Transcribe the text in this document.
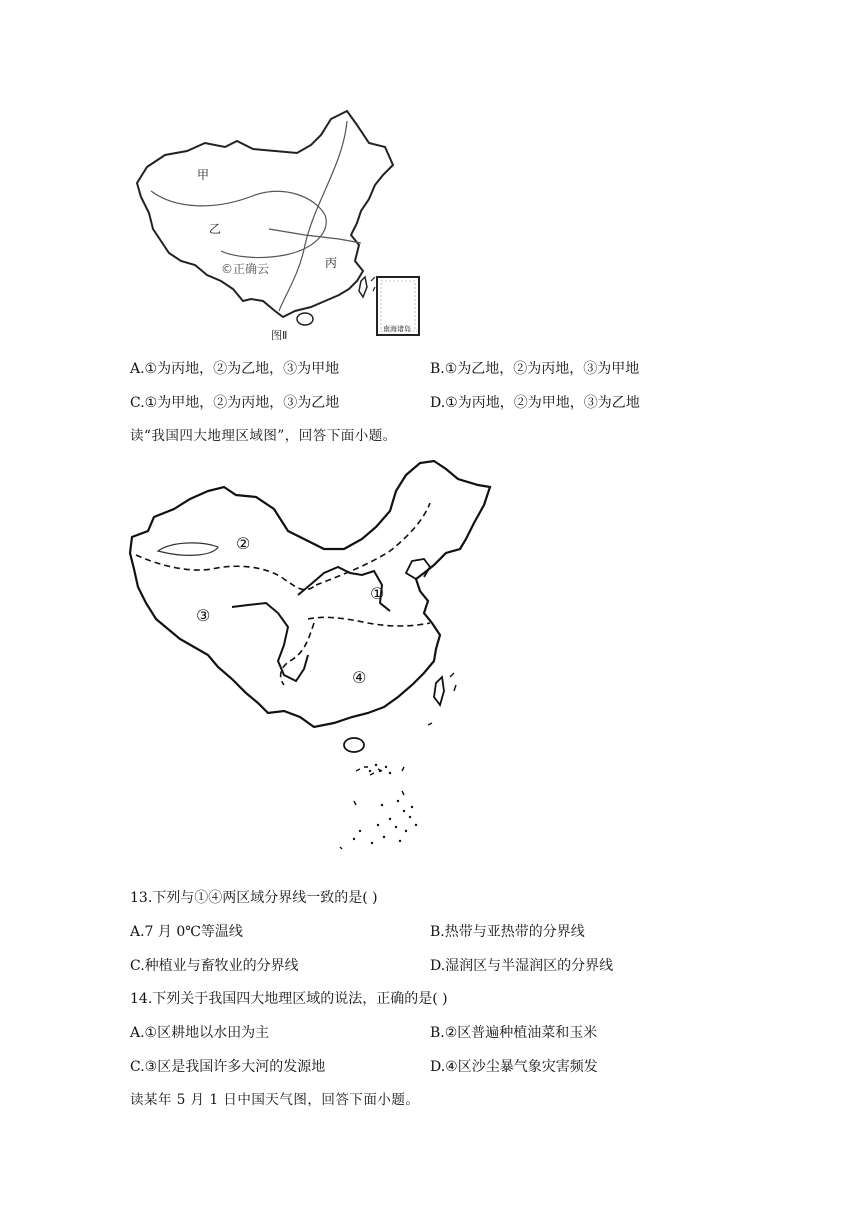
甲
乙
丙
©正确云
南海诸岛
图Ⅱ
A.①为丙地，②为乙地，③为甲地	B.①为乙地，②为丙地，③为甲地
C.①为甲地，②为丙地，③为乙地	D.①为丙地，②为甲地，③为乙地
读“我国四大地理区域图”，回答下面小题。
②
①
③
④
13.下列与①④两区域分界线一致的是( )
A.7 月 0℃等温线	B.热带与亚热带的分界线
C.种植业与畜牧业的分界线	D.湿润区与半湿润区的分界线
14.下列关于我国四大地理区域的说法，正确的是( )
A.①区耕地以水田为主	B.②区普遍种植油菜和玉米
C.③区是我国许多大河的发源地	D.④区沙尘暴气象灾害频发
读某年 5 月 1 日中国天气图，回答下面小题。
